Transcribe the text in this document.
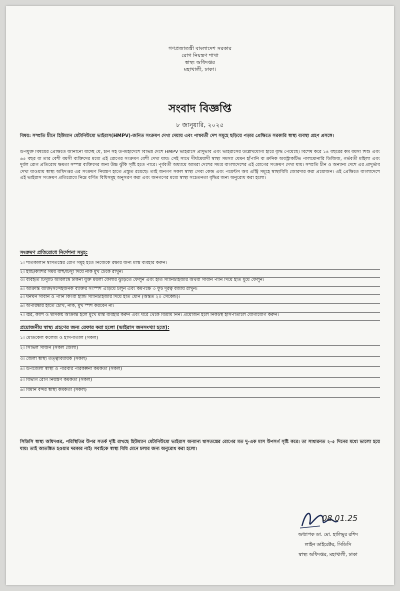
গণপ্রজাতন্ত্রী বাংলাদেশ সরকার
রোগ নিয়ন্ত্রণ শাখা
স্বাস্থ্য অধিদপ্তর
মহাখালী, ঢাকা।
সংবাদ বিজ্ঞপ্তি
৮ জানুয়ারি, ২০২৫
বিষয়: সম্প্রতি চীনে হিউম্যান মেটানিউমো ভাইরাস(HMPV)-জনিত সংক্রমণ দেখা দেয়ায় এবং পাশ্ববর্তী দেশ সমূহে ছড়িয়ে পড়ার প্রেক্ষিতে সরকারি স্বাস্থ্য ব্যবস্থা গ্রহণ প্রসঙ্গে।
উপর্যুক্ত বিষয়ের প্রেক্ষিতে জানানো যাচ্ছে যে, চীন সহ উপমহাদেশে বিভিন্ন দেশে HMPV ভাইরাসে প্রাদুর্ভাব এবং ভাইরাসের উল্লেখযোগ্য হারে বৃদ্ধি পেয়েছে। বিশেষ করে ১৪ বছরের কম বয়সী শিশু এবং ৬৫ বছর বা তার বেশী বয়সী ব্যক্তিদের মধ্যে এই রোগের সংক্রমণ বেশী দেখা যায়। সেই সাথে দীর্ঘমেয়াদী স্বাস্থ্য সমস্যা যেমন হাঁপানি বা ক্রনিক অবস্ট্রাকটিভ পালমোনারি ডিজিজ, গর্ভবতী মহিলা এবং দুর্বল রোগ প্রতিরোধ ক্ষমতা সম্পন্ন ব্যক্তিদের জন্য উচ্চ ঝুঁকি সৃষ্টি হতে পারে। পূর্ববর্তী অধ্যায়ে আমরা দেশের সমগ্র বাংলাদেশের এই রোগের সংক্রমণ দেখা যায়। সম্প্রতি চীন ও অন্যান্য দেশে এর প্রাদুর্ভাব দেখা যাওয়ায় স্বাস্থ্য অধিদপ্তর এর সংক্রমণ নিয়ন্ত্রণ হাতে প্রস্তুত রয়েছে। তাই জনগণ সকল স্বাস্থ্য সেবা কেন্দ্র এবং পয়েন্টস অব এন্ট্রি সমূহে স্বাস্থ্যবিধি জোরদার করা প্রয়োজন। এই প্রেক্ষিতে বাংলাদেশে এই ভাইরাস সংক্রমণ প্রতিরোধে নিম্নে বর্ণিত বিধিসমূহ অনুসরণ করা এবং জনগণের মধ্যে স্বাস্থ্য সচেতনতা বৃদ্ধির জন্য অনুরোধ করা হলো।
সংক্রমণ প্রতিরোধে নির্দেশনা সমূহ:
১। শীতকালীন শ্বাসতন্ত্রের রোগ সমূহ হতে নিজেকে রক্ষার জন্য মাস্ক ব্যবহার করুন।
২। হাঁচি/কাশির সময় বাহু/টিস্যু দিয়ে নাক মুখ ঢেকে রাখুন।
৩। ব্যবহৃত টিস্যুটি অবিলম্বে ঢাকনা যুক্ত ময়লা ফেলার ঝুড়িতে ফেলুন এবং হাত স্যানিটাইজার অথবা সাবান পানি দিয়ে হাত ধুয়ে ফেলুন।
৪। আক্রান্ত ব্যক্তি/সন্দেহজনক ব্যক্তির সংস্পর্শ এড়িয়ে চলুন এবং কমপক্ষে ৩ ফুট দূরত্ব বজায় রাখুন।
৫। ঘনঘন সাবান ও পানি কিংবা হ্যান্ড স্যানিটাইজার দিয়ে হাত ধোন (অন্তত ২০ সেকেন্ড)।
৬। অপরিষ্কার হাতে চোখ, নাক, মুখ স্পর্শ করবেন না।
৭। জ্বর, কাশি ও শ্বাসকষ্ট আক্রান্ত হলে মুখে মাস্ক ব্যবহার করুন এবং ঘরে থেকে বিশ্রাম নিন। প্রয়োজন হলে নিকটস্থ হাসপাতালে যোগাযোগ করুন।
প্রয়োজনীয় স্বাস্থ্য গ্রহণের জন্য রেফার করা হলো (ভাইরাস জনসংখ্যা হতে):
১। মেডিকেল কলেজ ও হাসপাতাল (সকল)
২। সিভিল সার্জন (সকল জেলা)
৩। জেলা স্বাস্থ্য তত্ত্বাবধায়ক (সকল)
৪। উপজেলা স্বাস্থ্য ও পরিবার পরিকল্পনা কর্মকর্তা (সকল)
৫। বিভাগ রোগ নিয়ন্ত্রণ কর্মকর্তা (সকল)
৬। বিমান বন্দর স্বাস্থ্য কর্মকর্তা (সকল)
সিডিসি স্বাস্থ্য অধিদপ্তর, পরিস্থিতির উপর সতর্ক দৃষ্টি রাখছে হিউম্যান মেটানিউমো ভাইরাস অন্যান্য শ্বাসতন্ত্রের রোগের মত দু-এক মাস উপসর্গ সৃষ্টি করে। তা সাধারনত ২-৫ দিনের মধ্যে ভালো হয়ে যায়। তাই আতঙ্কিত হওয়ার দরকার নাই। সবাইকে স্বাস্থ্য বিধি মেনে চলার জন্য অনুরোধ করা হলো।
08.01.25
অধ্যাপক ডা. মো. হালিমুর রশিদ
লাইন ডাইরেক্টর, সিডিসি
স্বাস্থ্য অধিদপ্তর, মহাখালী, ঢাকা
